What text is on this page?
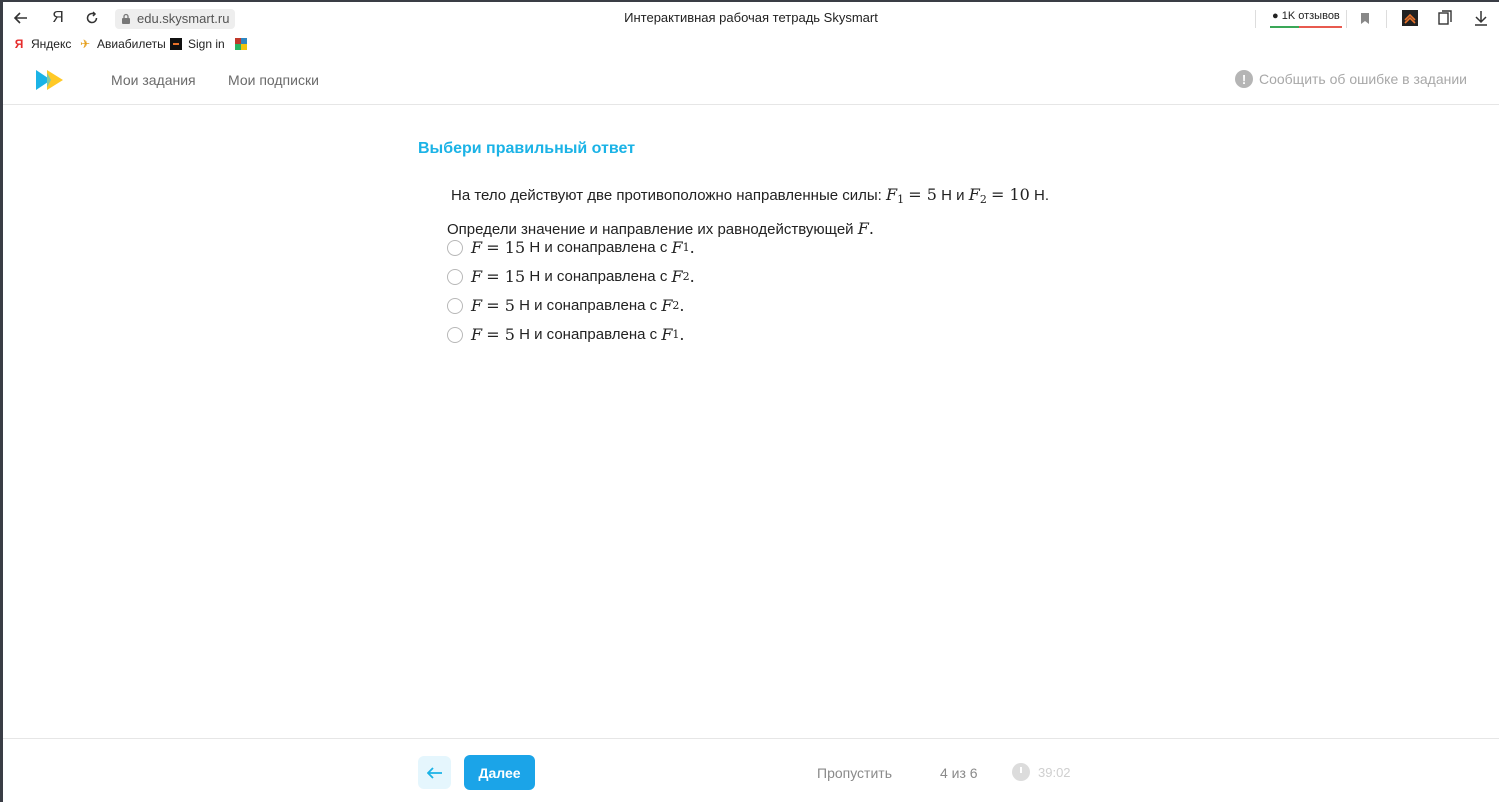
Я	edu.skysmart.ru	Интерактивная рабочая тетрадь Skysmart	● 1K отзывов
Я Яндекс ✈ Авиабилеты Sign in
Мои задания Мои подписки	! Сообщить об ошибке в задании
Выбери правильный ответ
На тело действуют две противоположно направленные силы: $F_1 = 5$ Н и $F_2 = 10$ Н.
Определи значение и направление их равнодействующей F.
F
= 15
Н и сонаправлена с
F 1 .
F
= 15
Н и сонаправлена с
F 2 .
F
= 5
Н и сонаправлена с
F 2 .
F
= 5
Н и сонаправлена с
F 1 .
Далее	Пропустить	4 из 6	39:02
